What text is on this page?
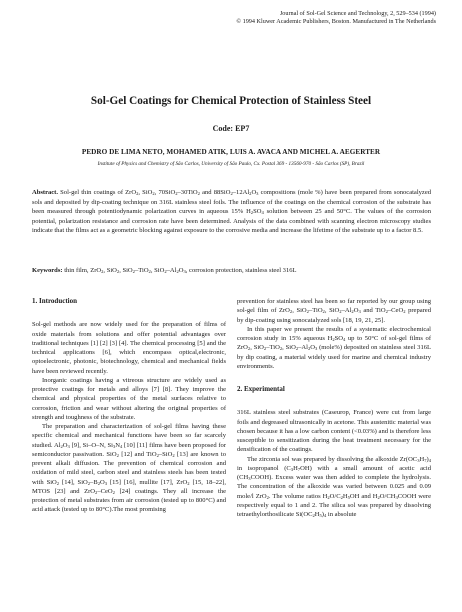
Journal of Sol-Gel Science and Technology, 2, 529–534 (1994)
© 1994 Kluwer Academic Publishers, Boston. Manufactured in The Netherlands
Sol-Gel Coatings for Chemical Protection of Stainless Steel
Code: EP7
PEDRO DE LIMA NETO, MOHAMED ATIK, LUIS A. AVACA AND MICHEL A. AEGERTER
Institute of Physics and Chemistry of São Carlos, University of São Paulo, Cx. Postal 369 - 13560-970 - São Carlos (SP), Brazil
Abstract. Sol-gel thin coatings of ZrO$_2$, SiO$_2$, 70SiO$_2$–30TiO$_2$ and $88SiO_2-12Al_2O_3$ compositions (mole %) have been prepared from sonocatalyzed sols and deposited by dip-coating technique on 316L stainless steel foils. The influence of the coatings on the chemical corrosion of the substrate has been measured through potentiodynamic polarization curves in aqueous 15% $H_2SO_4$ solution between 25 and 50°C. The values of the corrosion potential, polarization resistance and corrosion rate have been determined. Analysis of the data combined with scanning electron microscopy studies indicate that the films act as a geometric blocking against exposure to the corrosive media and increase the lifetime of the substrate up to a factor 8.5.
Keywords: thin film, ZrO$_2$, SiO$_2$, SiO$_2$–TiO$_2$, $SiO_2-Al_2O_3$, corrosion protection, stainless steel 316L

1. Introduction

Sol-gel methods are now widely used for the preparation of films of oxide materials from solutions and offer potential advantages over traditional techniques [1] [2] [3] [4]. The chemical processing [5] and the technical applications [6], which encompass optical,electronic, optoelectronic, photonic, biotechnology, chemical and mechanical fields have been reviewed recently.

Inorganic coatings having a vitreous structure are widely used as protective coatings for metals and alloys [7] [8]. They improve the chemical and physical properties of the metal surfaces relative to corrosion, friction and wear without altering the original properties of strength and toughness of the substrate.

The preparation and characterization of sol-gel films having these specific chemical and mechanical functions have been so far scarcely studied. $Al_2O_3$ [9], Si–O–N, $Si_3N_4$ [10] [11] films have been proposed for semiconductor passivation. SiO$_2$ [12] and TiO$_2$–SiO$_2$ [13] are known to prevent alkali diffusion. The prevention of chemical corrosion and oxidation of mild steel, carbon steel and stainless steels has been tested with SiO$_2$ [14], $SiO_2-B_2O_3$ [15] [16], mullite [17], ZrO$_2$ [15, 18–22], MTOS [23] and ZrO$_2$–CeO$_2$ [24] coatings. They all increase the protection of metal substrates from air corrosion (tested up to 800°C) and acid attack (tested up to 80°C).The most promising

prevention for stainless steel has been so far reported by our group using sol-gel film of ZrO$_2$, SiO$_2$–TiO$_2$, $SiO_2-Al_2O_3$ and TiO$_2$–CeO$_2$ prepared by dip-coating using sonocatalyzed sols [18, 19, 21, 25].

In this paper we present the results of a systematic electrochemical corrosion study in 15% aqueous $H_2SO_4$ up to 50°C of sol-gel films of ZrO$_2$, SiO$_2$–TiO$_2$, $SiO_2-Al_2O_3$ (mole%) deposited on stainless steel 316L by dip coating, a material widely used for marine and chemical industry environments.

2. Experimental

316L stainless steel substrates (Caseurop, France) were cut from large foils and degreased ultrasonically in acetone. This austenitic material was chosen because it has a low carbon content (<0.03%) and is therefore less susceptible to sensitization during the heat treatment necessary for the densification of the coatings.

The zirconia sol was prepared by dissolving the alkoxide $Zr(OC_3H_7)_4$ in isopropanol $(C_3H_7OH)$ with a small amount of acetic acid $(CH_3COOH)$. Excess water was then added to complete the hydrolysis. The concentration of the alkoxide was varied between 0.025 and 0.09 mole/l ZrO$_2$. The volume ratios $H_2O/C_2H_5OH$ and $H_2O/CH_3COOH$ were respectively equal to 1 and 2. The silica sol was prepared by dissolving tetraethylorthosilicate $Si(OC_2H_5)_4$ in absolute
